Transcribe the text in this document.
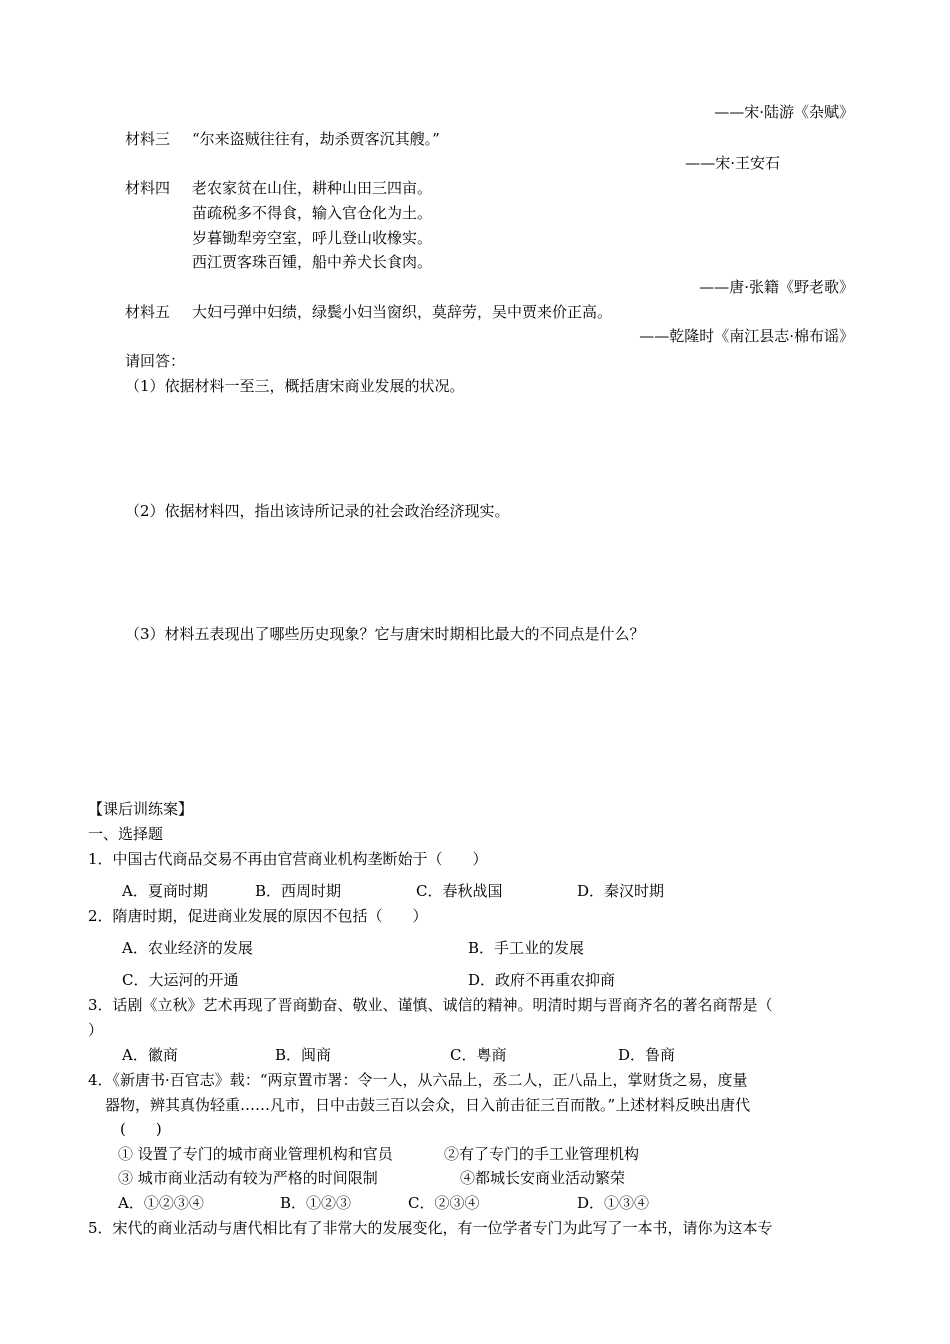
——宋·陆游《杂赋》
材料三 “尔来盗贼往往有，劫杀贾客沉其艘。”
——宋·王安石
材料四 老农家贫在山住，耕种山田三四亩。
苗疏税多不得食，输入官仓化为土。
岁暮锄犁旁空室，呼儿登山收橡实。
西江贾客珠百锺，船中养犬长食肉。
——唐·张籍《野老歌》
材料五 大妇弓弹中妇绩，绿鬓小妇当窗织，莫辞劳，吴中贾来价正高。
——乾隆时《南江县志·棉布谣》
请回答：
（1）依据材料一至三，概括唐宋商业发展的状况。
（2）依据材料四，指出该诗所记录的社会政治经济现实。
（3）材料五表现出了哪些历史现象？它与唐宋时期相比最大的不同点是什么？
【课后训练案】
一、选择题
1．中国古代商品交易不再由官营商业机构垄断始于（　　）
A．夏商时期	B．西周时期	C．春秋战国	D．秦汉时期
2．隋唐时期，促进商业发展的原因不包括（　　）
A．农业经济的发展	B．手工业的发展
C．大运河的开通	D．政府不再重农抑商
3．话剧《立秋》艺术再现了晋商勤奋、敬业、谨慎、诚信的精神。明清时期与晋商齐名的著名商帮是（
）
A．徽商	B．闽商	C．粤商	D．鲁商
4．《新唐书·百官志》载：“两京置市署：令一人，从六品上，丞二人，正八品上，掌财货之易，度量
器物，辨其真伪轻重……凡市，日中击鼓三百以会众，日入前击征三百而散。”上述材料反映出唐代
(　　)
① 设置了专门的城市商业管理机构和官员	②有了专门的手工业管理机构
③ 城市商业活动有较为严格的时间限制	④都城长安商业活动繁荣
A．①②③④	B．①②③	C．②③④	D．①③④
5．宋代的商业活动与唐代相比有了非常大的发展变化，有一位学者专门为此写了一本书，请你为这本专
